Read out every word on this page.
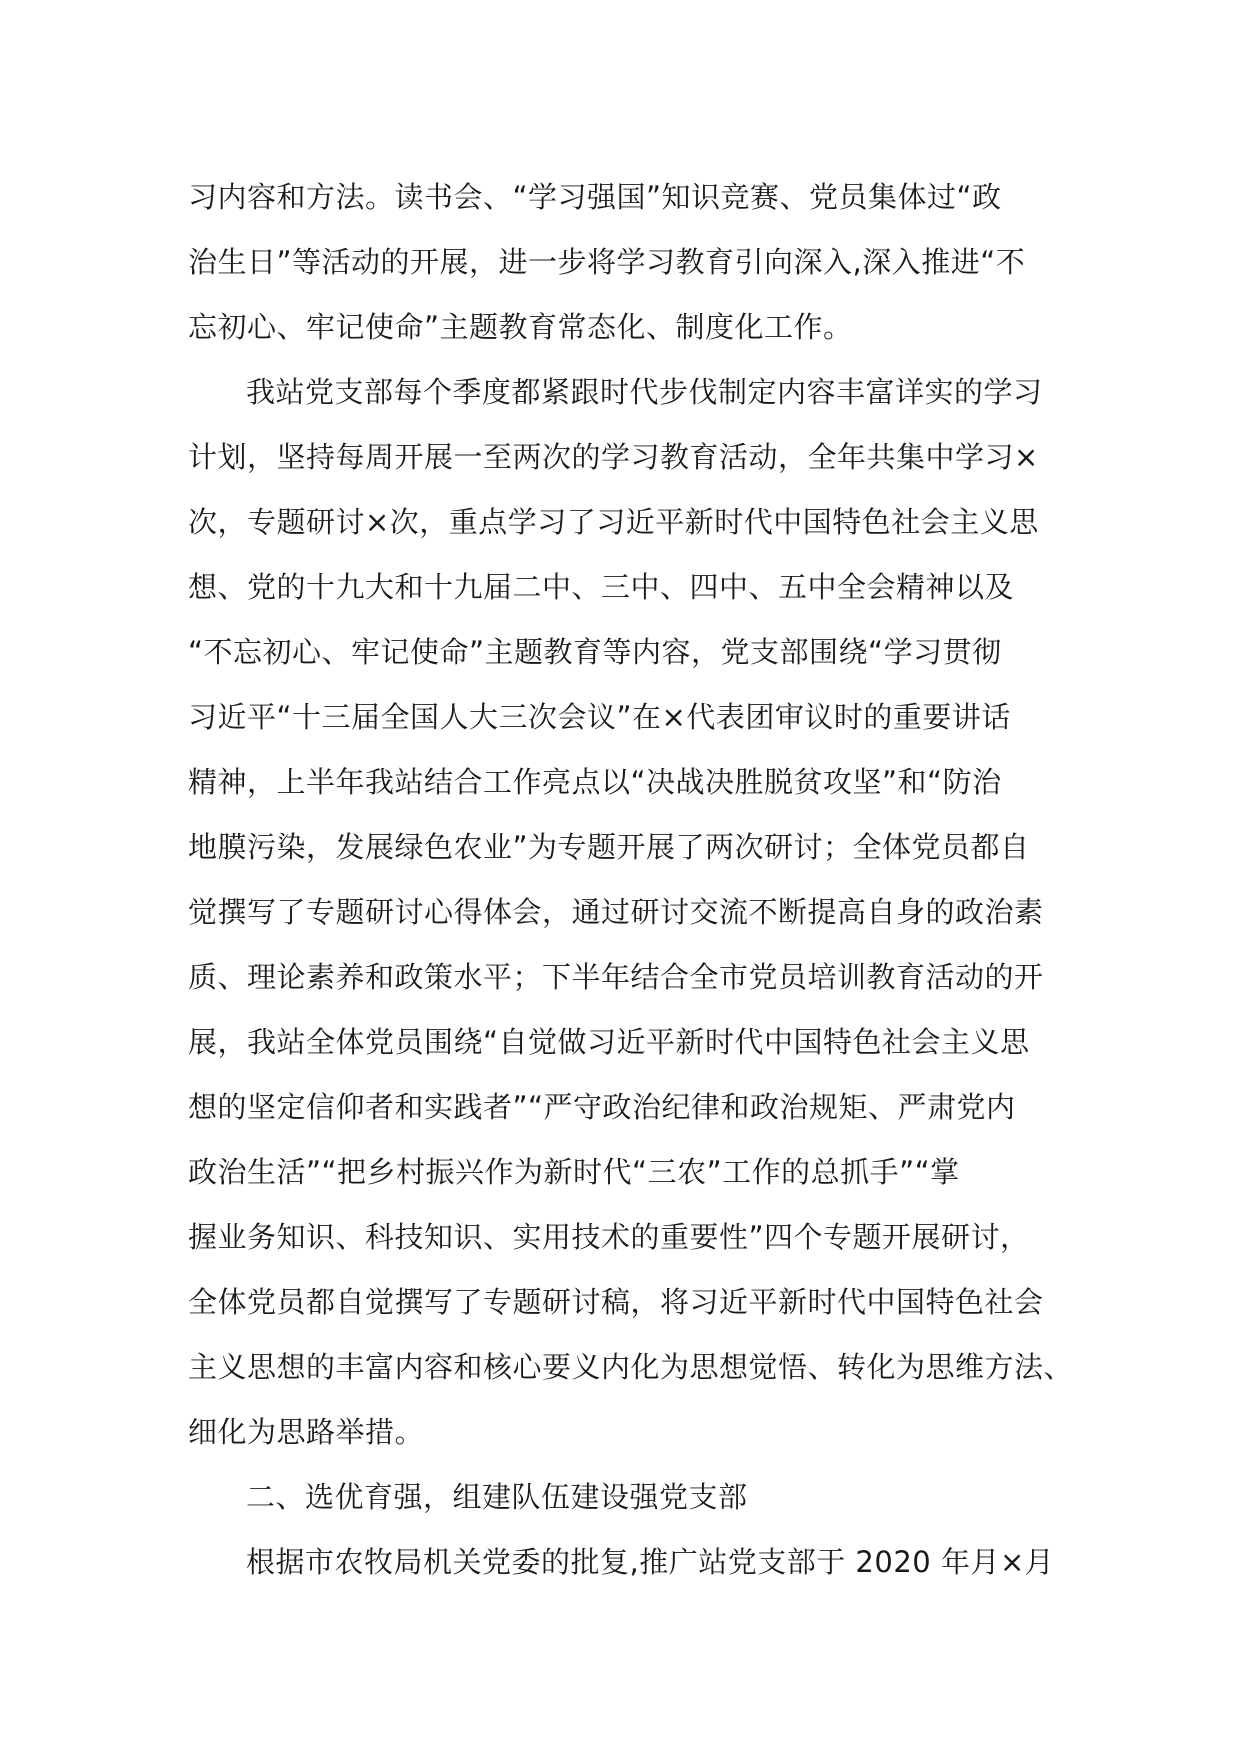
习内容和方法。读书会、“学习强国”知识竞赛、党员集体过“政
治生日”等活动的开展，进一步将学习教育引向深入,深入推进“不
忘初心、牢记使命”主题教育常态化、制度化工作。
我站党支部每个季度都紧跟时代步伐制定内容丰富详实的学习
计划，坚持每周开展一至两次的学习教育活动，全年共集中学习×
次，专题研讨×次，重点学习了习近平新时代中国特色社会主义思
想、党的十九大和十九届二中、三中、四中、五中全会精神以及
“不忘初心、牢记使命”主题教育等内容，党支部围绕“学习贯彻
习近平“十三届全国人大三次会议”在×代表团审议时的重要讲话
精神，上半年我站结合工作亮点以“决战决胜脱贫攻坚”和“防治
地膜污染，发展绿色农业”为专题开展了两次研讨；全体党员都自
觉撰写了专题研讨心得体会，通过研讨交流不断提高自身的政治素
质、理论素养和政策水平；下半年结合全市党员培训教育活动的开
展，我站全体党员围绕“自觉做习近平新时代中国特色社会主义思
想的坚定信仰者和实践者”“严守政治纪律和政治规矩、严肃党内
政治生活”“把乡村振兴作为新时代“三农”工作的总抓手”“掌
握业务知识、科技知识、实用技术的重要性”四个专题开展研讨，
全体党员都自觉撰写了专题研讨稿，将习近平新时代中国特色社会
主义思想的丰富内容和核心要义内化为思想觉悟、转化为思维方法、
细化为思路举措。
二、选优育强，组建队伍建设强党支部
根据市农牧局机关党委的批复,推广站党支部于 2020 年月×月
